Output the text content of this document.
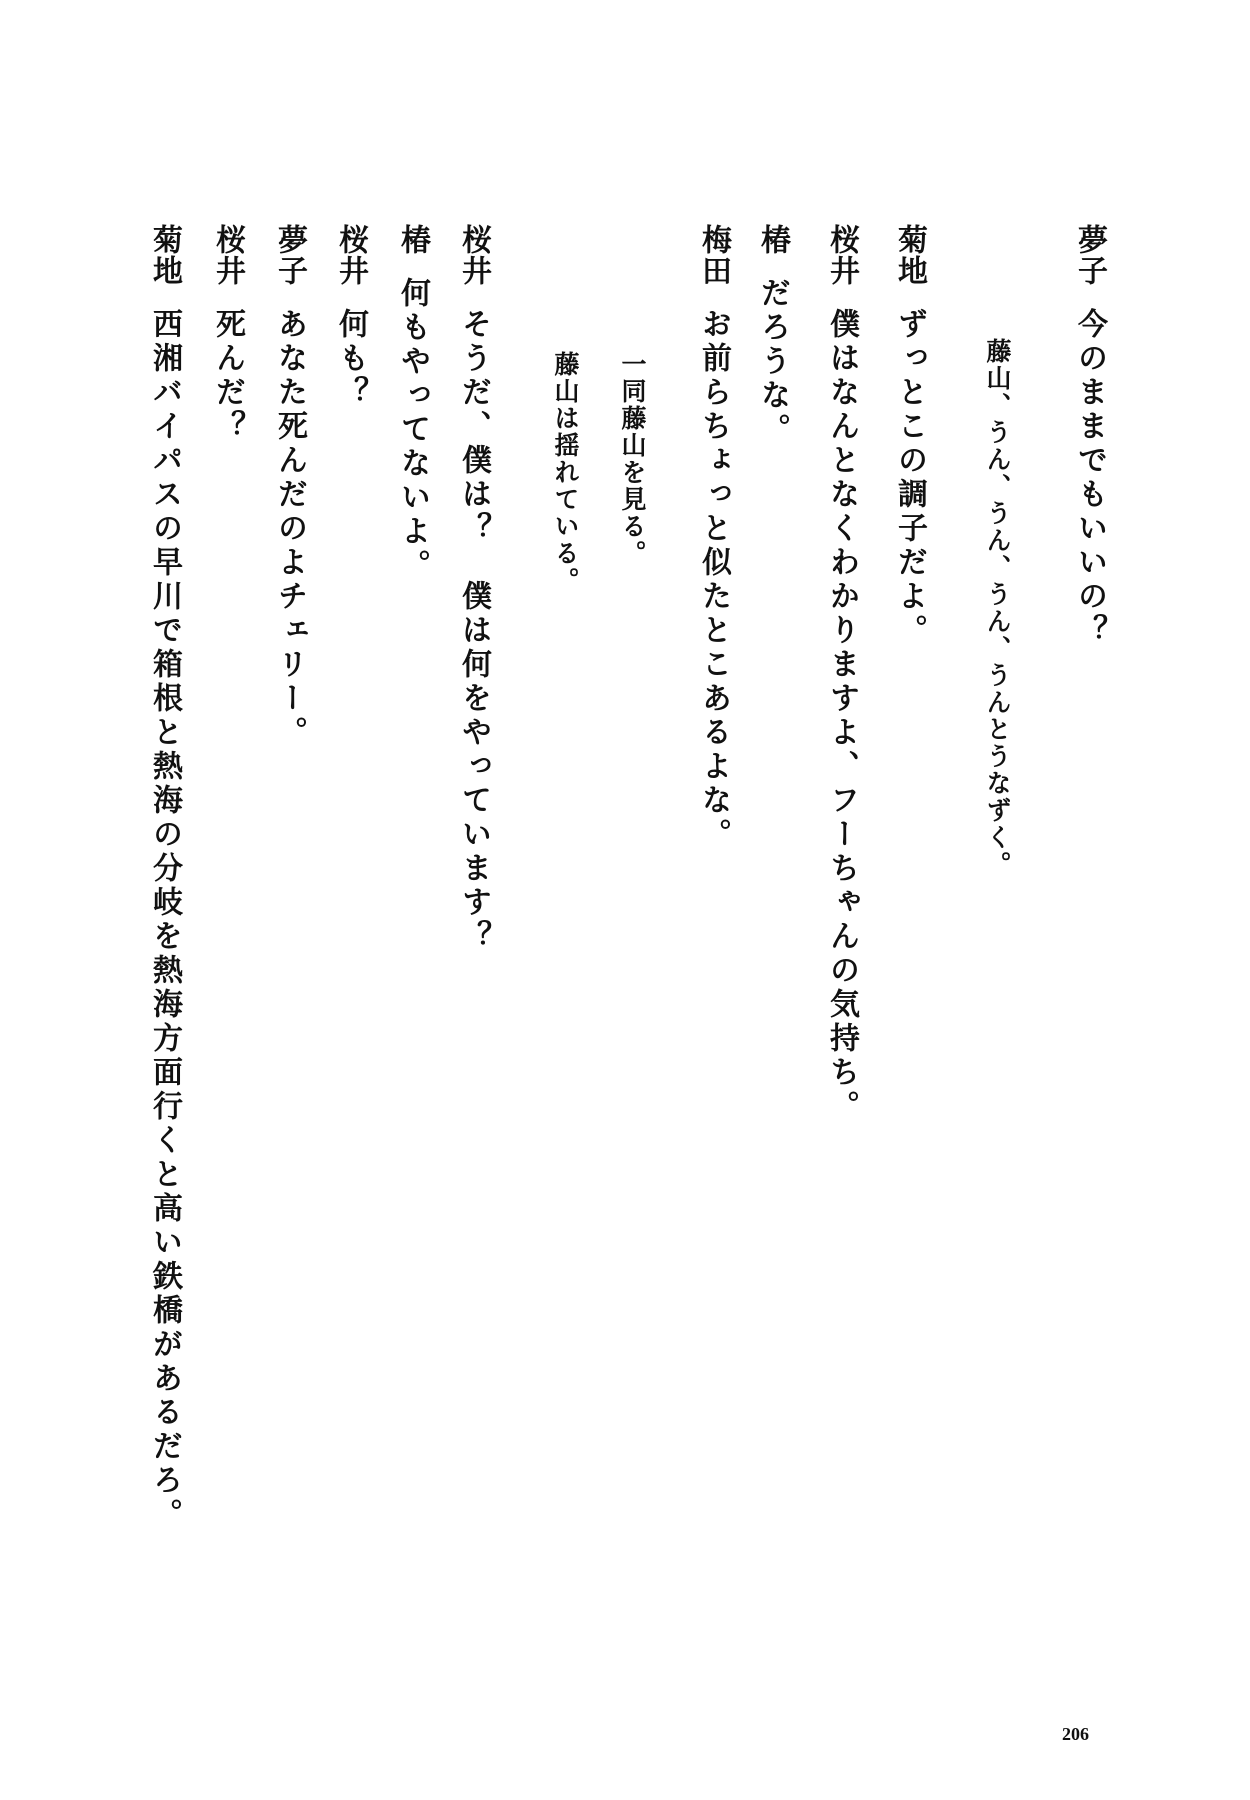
夢子今のままでもいいの？
藤山、うん、うん、うん、うんとうなずく。
菊地ずっとこの調子だよ。
桜井僕はなんとなくわかりますよ、フーちゃんの気持ち。
椿だろうな。
梅田お前らちょっと似たとこあるよな。
一同藤山を見る。
藤山は揺れている。
桜井そうだ、僕は？　僕は何をやっています？
椿何もやってないよ。
桜井何も？
夢子あなた死んだのよチェリー。
桜井死んだ？
菊地西湘バイパスの早川で箱根と熱海の分岐を熱海方面行くと高い鉄橋があるだろ。
206
